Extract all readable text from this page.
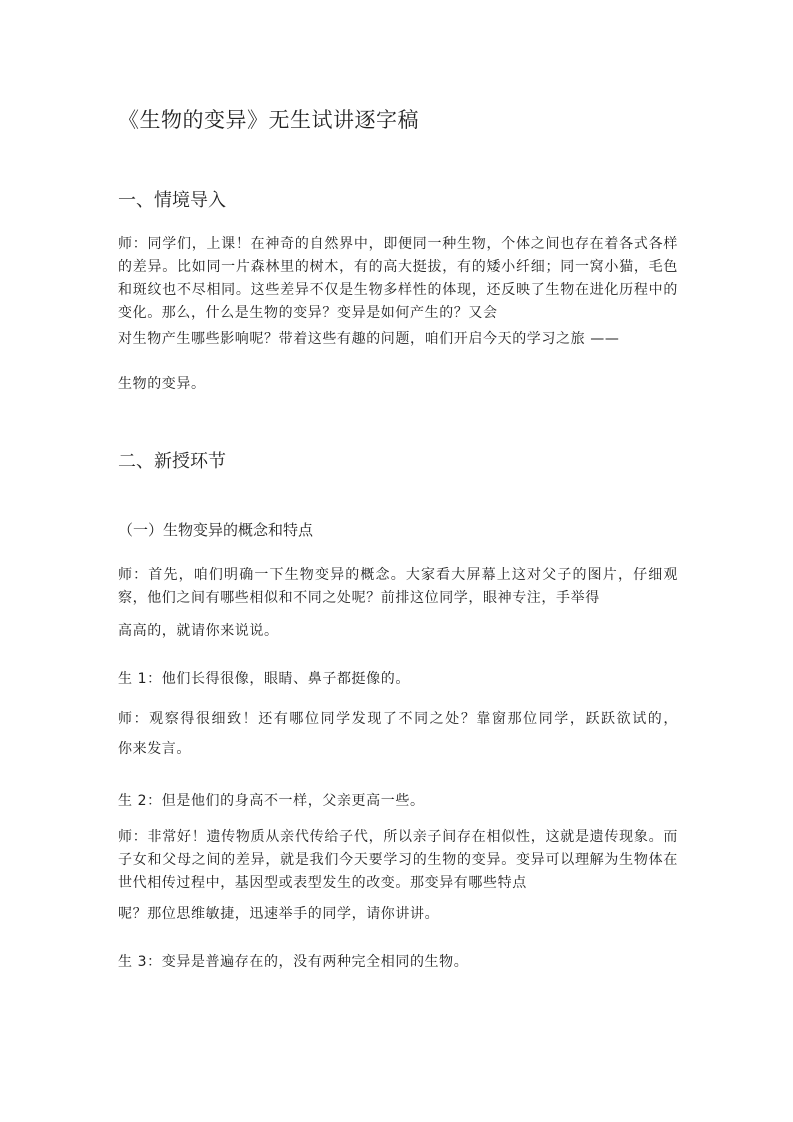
《生物的变异》无生试讲逐字稿
一、情境导入

师：同学们，上课！在神奇的自然界中，即便同一种生物，个体之间也存在着各式各样的差异。比如同一片森林里的树木，有的高大挺拔，有的矮小纤细；同一窝小猫，毛色和斑纹也不尽相同。这些差异不仅是生物多样性的体现，还反映了生物在进化历程中的变化。那么，什么是生物的变异？变异是如何产生的？又会

对生物产生哪些影响呢？带着这些有趣的问题，咱们开启今天的学习之旅 ——

生物的变异。

二、新授环节
（一）生物变异的概念和特点

师：首先，咱们明确一下生物变异的概念。大家看大屏幕上这对父子的图片，仔细观察，他们之间有哪些相似和不同之处呢？前排这位同学，眼神专注，手举得

高高的，就请你来说说。

生 1：他们长得很像，眼睛、鼻子都挺像的。

师：观察得很细致！还有哪位同学发现了不同之处？靠窗那位同学，跃跃欲试的，

你来发言。

生 2：但是他们的身高不一样，父亲更高一些。

师：非常好！遗传物质从亲代传给子代，所以亲子间存在相似性，这就是遗传现象。而子女和父母之间的差异，就是我们今天要学习的生物的变异。变异可以理解为生物体在世代相传过程中，基因型或表型发生的改变。那变异有哪些特点

呢？那位思维敏捷，迅速举手的同学，请你讲讲。

生 3：变异是普遍存在的，没有两种完全相同的生物。
